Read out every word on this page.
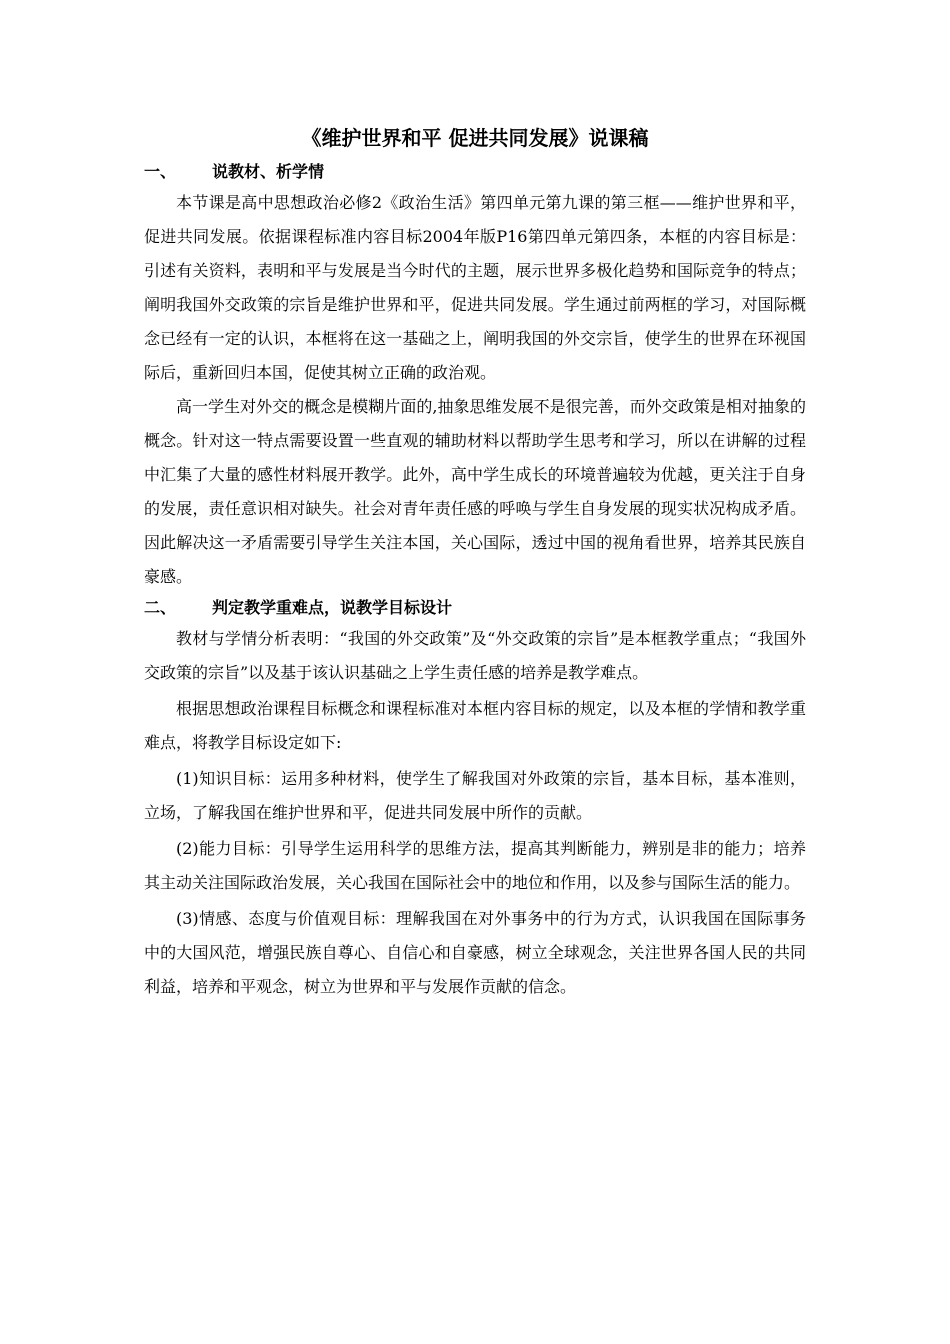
《维护世界和平 促进共同发展》说课稿
一、	说教材、析学情

本节课是高中思想政治必修2《政治生活》第四单元第九课的第三框——维护世界和平，促进共同发展。依据课程标准内容目标2004年版P16第四单元第四条，本框的内容目标是：引述有关资料，表明和平与发展是当今时代的主题，展示世界多极化趋势和国际竞争的特点；阐明我国外交政策的宗旨是维护世界和平，促进共同发展。学生通过前两框的学习，对国际概念已经有一定的认识，本框将在这一基础之上，阐明我国的外交宗旨，使学生的世界在环视国际后，重新回归本国，促使其树立正确的政治观。

高一学生对外交的概念是模糊片面的,抽象思维发展不是很完善，而外交政策是相对抽象的概念。针对这一特点需要设置一些直观的辅助材料以帮助学生思考和学习，所以在讲解的过程中汇集了大量的感性材料展开教学。此外，高中学生成长的环境普遍较为优越，更关注于自身的发展，责任意识相对缺失。社会对青年责任感的呼唤与学生自身发展的现实状况构成矛盾。因此解决这一矛盾需要引导学生关注本国，关心国际，透过中国的视角看世界，培养其民族自豪感。

二、	判定教学重难点，说教学目标设计

教材与学情分析表明：“我国的外交政策”及“外交政策的宗旨”是本框教学重点；“我国外交政策的宗旨”以及基于该认识基础之上学生责任感的培养是教学难点。

根据思想政治课程目标概念和课程标准对本框内容目标的规定，以及本框的学情和教学重难点，将教学目标设定如下:

(1)知识目标：运用多种材料，使学生了解我国对外政策的宗旨，基本目标，基本准则，立场，了解我国在维护世界和平，促进共同发展中所作的贡献。

(2)能力目标：引导学生运用科学的思维方法，提高其判断能力，辨别是非的能力；培养其主动关注国际政治发展，关心我国在国际社会中的地位和作用，以及参与国际生活的能力。

(3)情感、态度与价值观目标：理解我国在对外事务中的行为方式，认识我国在国际事务中的大国风范，增强民族自尊心、自信心和自豪感，树立全球观念，关注世界各国人民的共同利益，培养和平观念，树立为世界和平与发展作贡献的信念。
